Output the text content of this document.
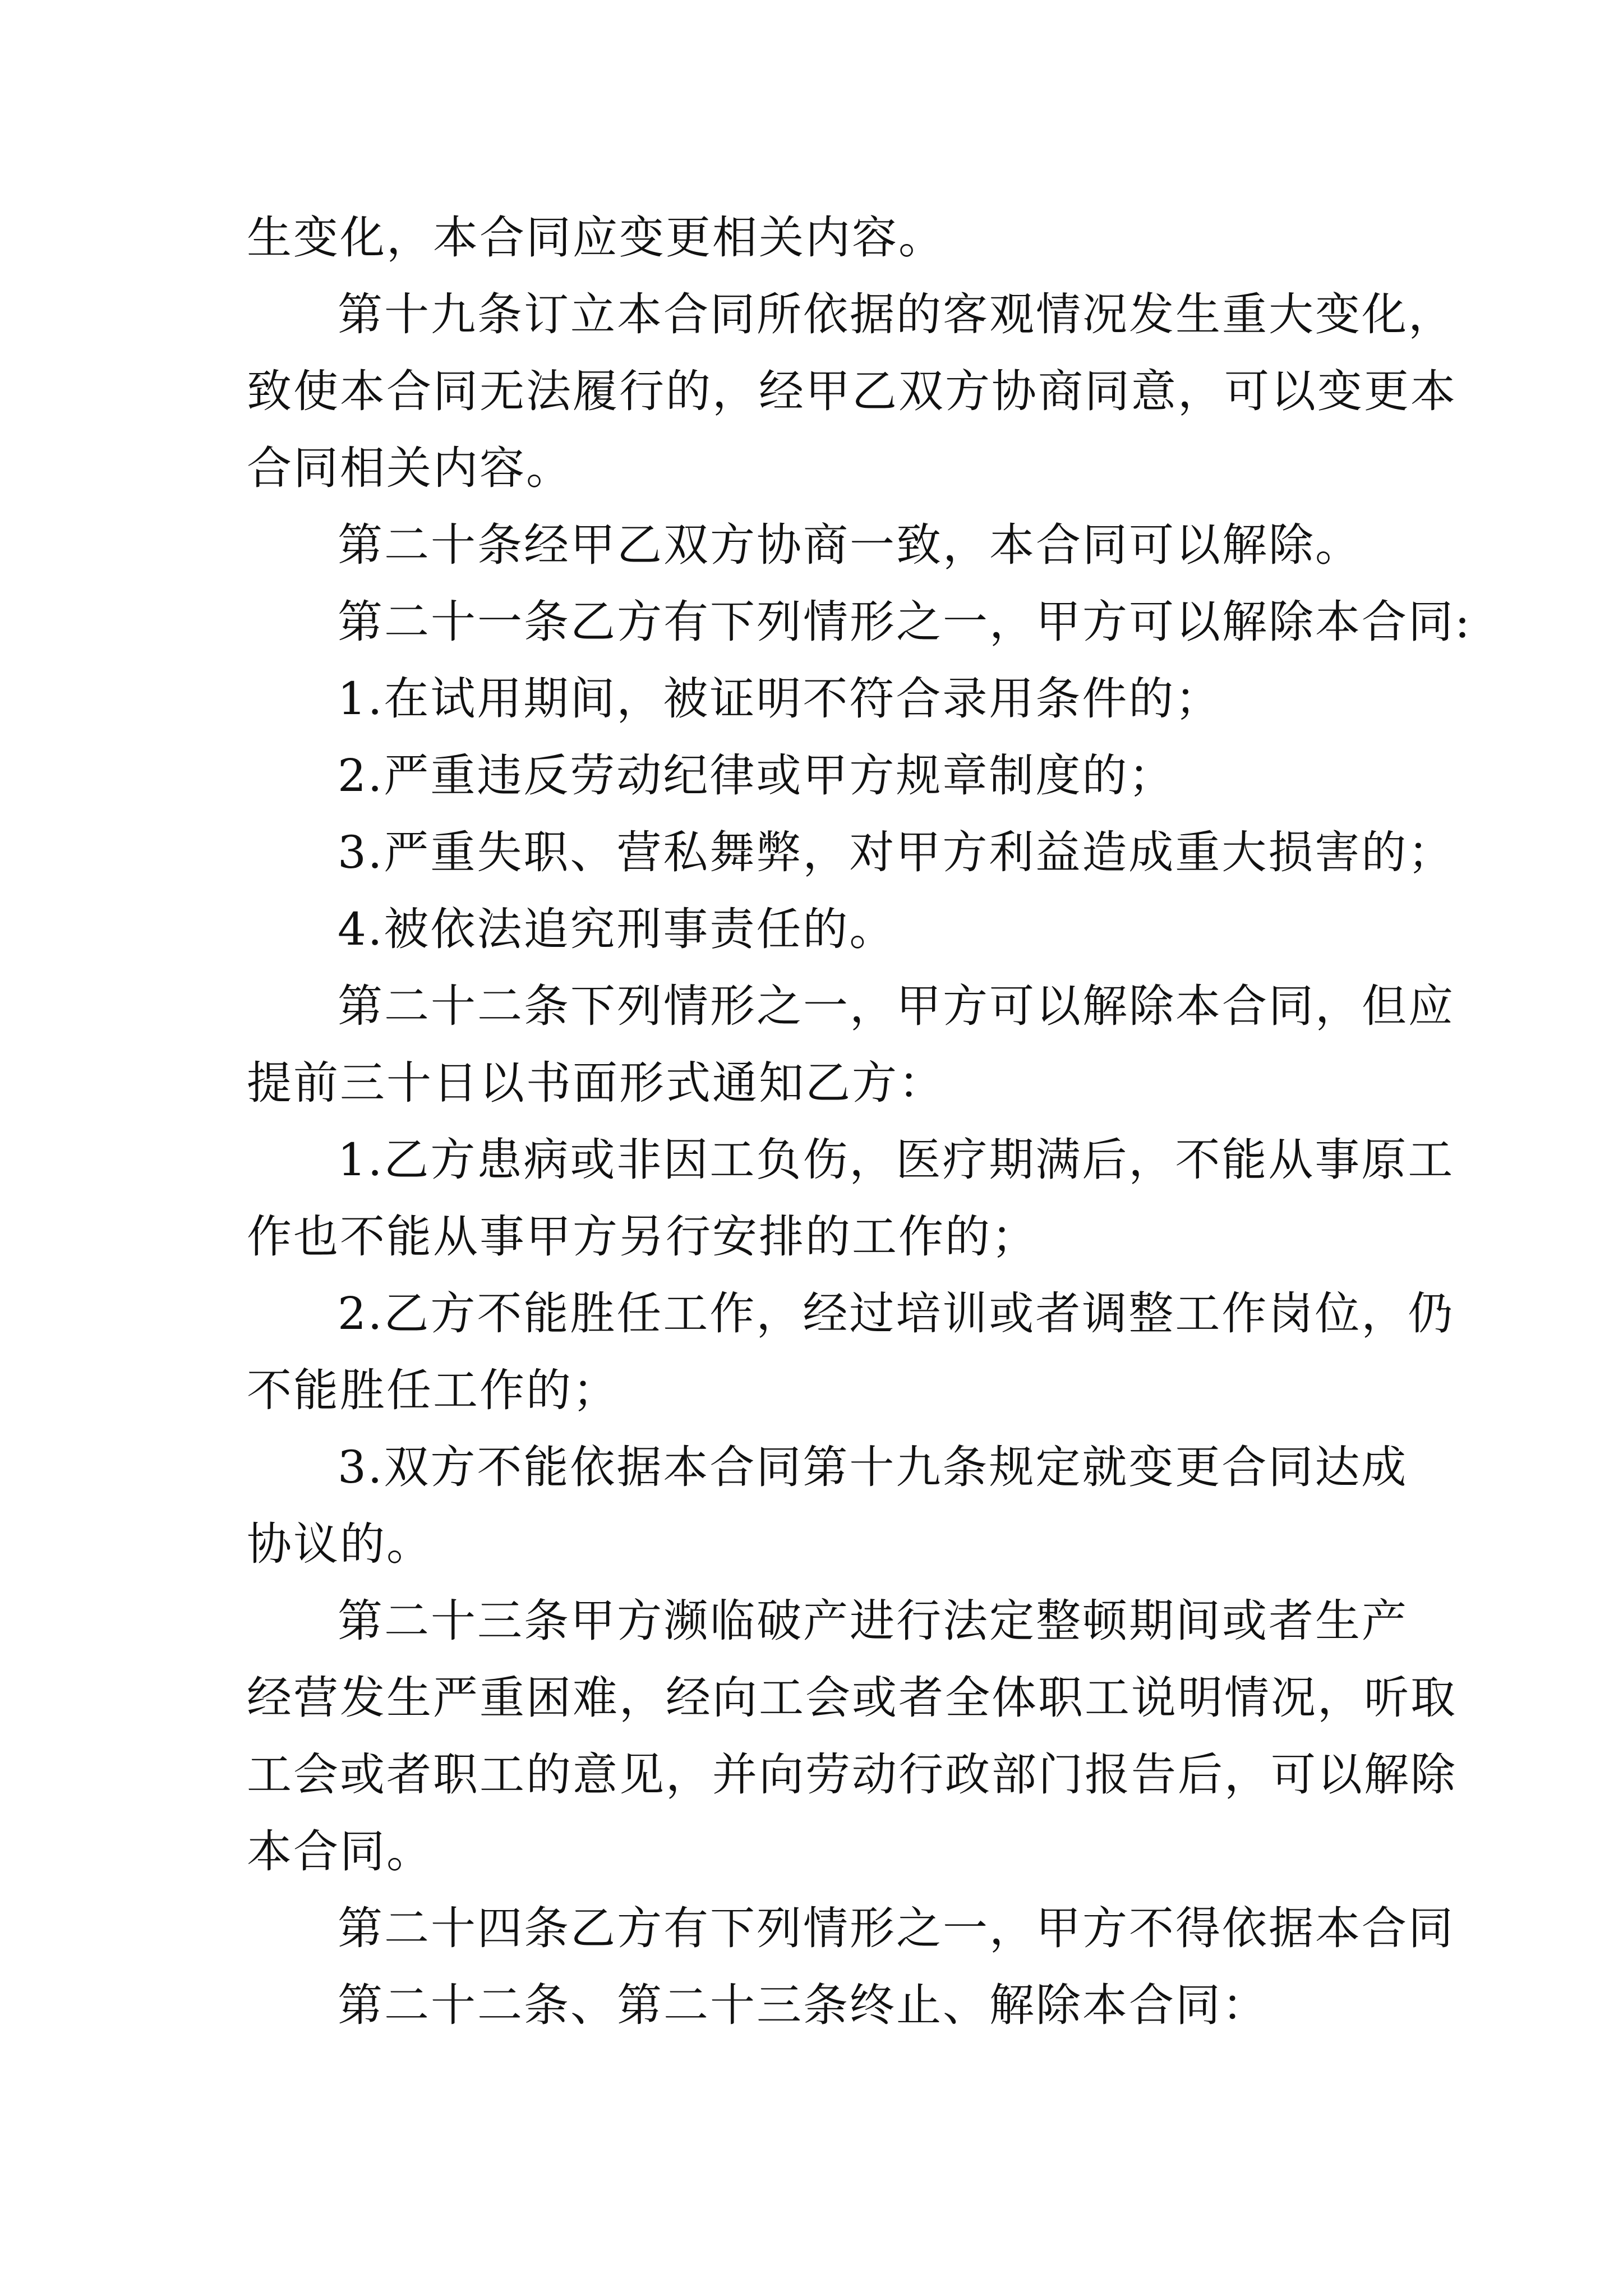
生变化，本合同应变更相关内容。
第十九条订立本合同所依据的客观情况发生重大变化，
致使本合同无法履行的，经甲乙双方协商同意，可以变更本
合同相关内容。
第二十条经甲乙双方协商一致，本合同可以解除。
第二十一条乙方有下列情形之一，甲方可以解除本合同:
1.在试用期间，被证明不符合录用条件的；
2.严重违反劳动纪律或甲方规章制度的；
3.严重失职、营私舞弊，对甲方利益造成重大损害的；
4.被依法追究刑事责任的。
第二十二条下列情形之一，甲方可以解除本合同，但应
提前三十日以书面形式通知乙方：
1.乙方患病或非因工负伤，医疗期满后，不能从事原工
作也不能从事甲方另行安排的工作的；
2.乙方不能胜任工作，经过培训或者调整工作岗位，仍
不能胜任工作的；
3.双方不能依据本合同第十九条规定就变更合同达成
协议的。
第二十三条甲方濒临破产进行法定整顿期间或者生产
经营发生严重困难，经向工会或者全体职工说明情况，听取
工会或者职工的意见，并向劳动行政部门报告后，可以解除
本合同。
第二十四条乙方有下列情形之一，甲方不得依据本合同
第二十二条、第二十三条终止、解除本合同：
